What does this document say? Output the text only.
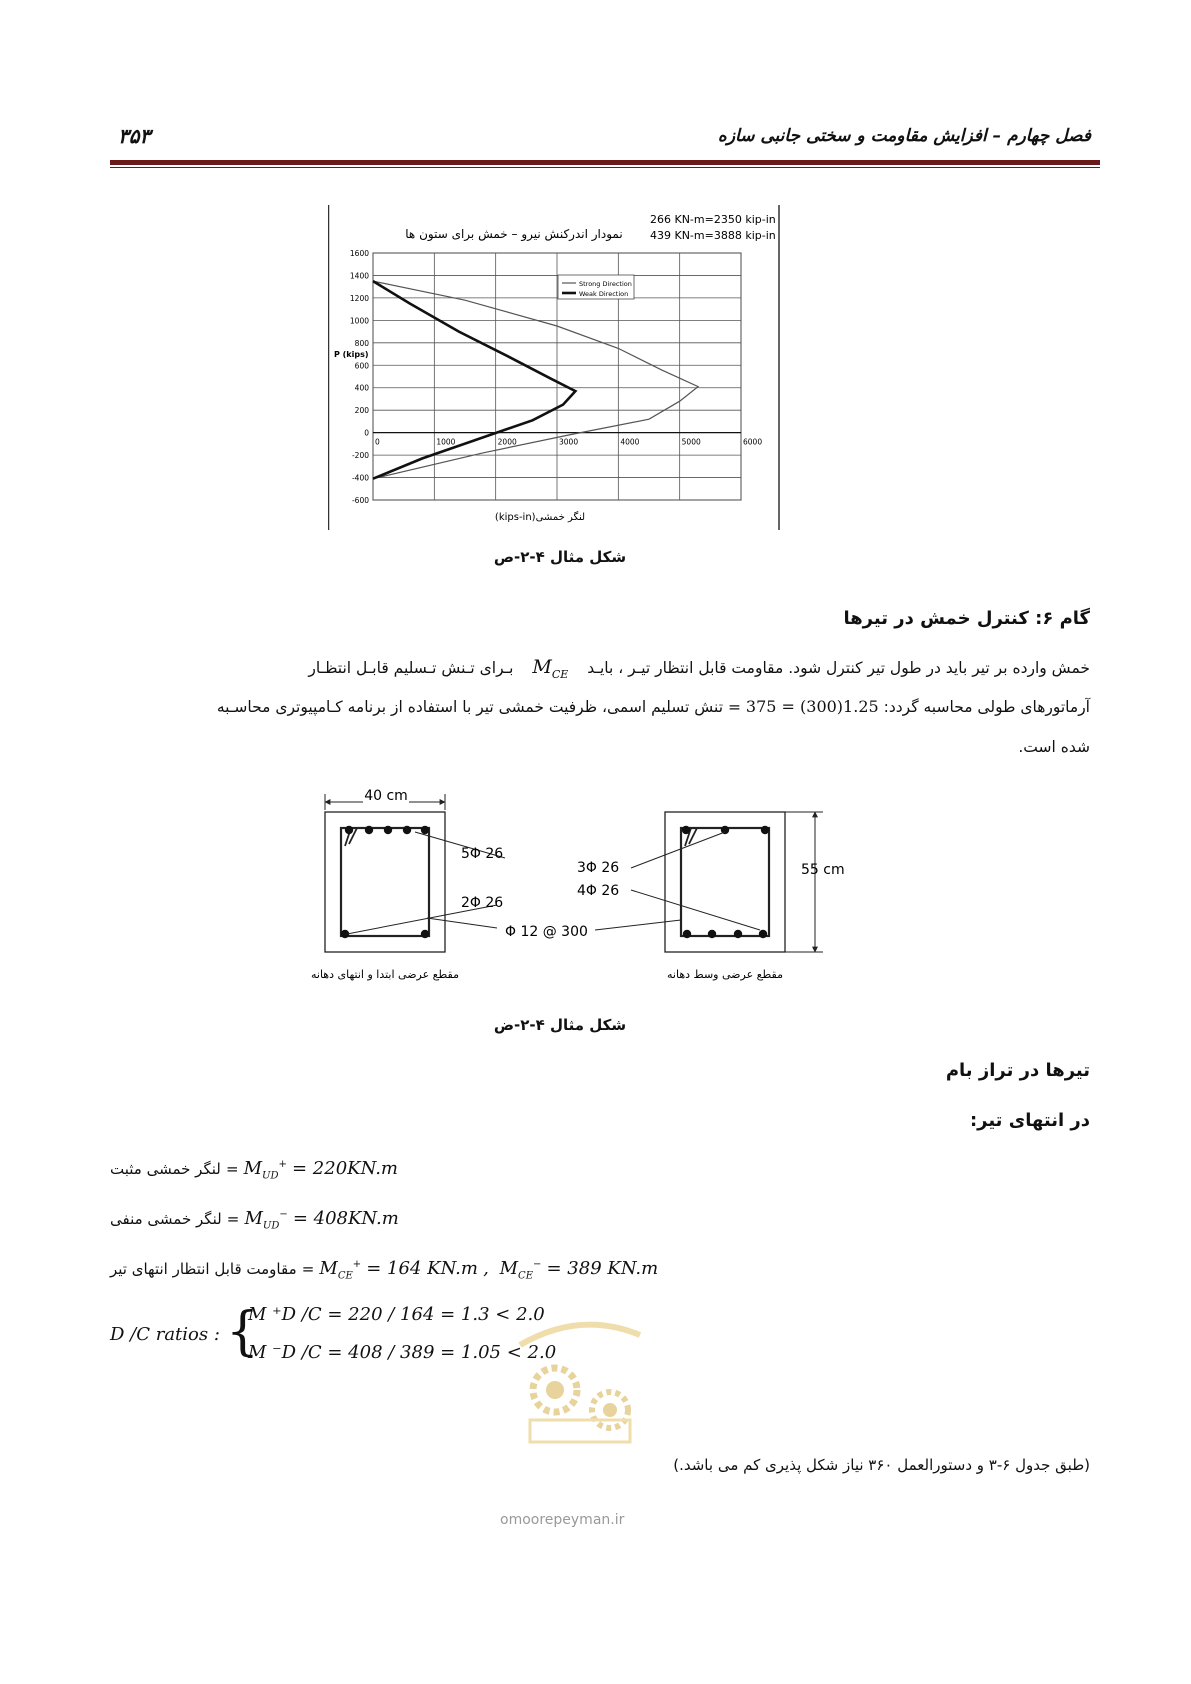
فصل چهارم – افزایش مقاومت و سختی جانبی سازه
۳۵۳
266 KN-m=2350 kip-in
439 KN-m=3888 kip-in
نمودار اندرکنش نیرو – خمش برای ستون ها
0	1000	2000	3000	4000	5000	6000
-600
-400
-200
0
200
400
600
800
1000
1200
1400
1600
Strong Direction
Weak Direction
P (kips)
لنگر خمشی(kips-in)
شکل مثال ۴-۲-ص
گام ۶: کنترل خمش در تیرها
خمش وارده بر تیر باید در طول تیر کنترل شود. مقاومت قابل انتظار تیـر ، بایـد $M_{CE}$ بـرای تـنش تـسلیم قابـل انتظـار
آرماتورهای طولی محاسبه گردد: 375 = (300)1.25 = تنش تسلیم اسمی، ظرفیت خمشی تیر با استفاده از برنامه کـامپیوتری محاسـبه
شده است.
40 cm
5Φ 26
2Φ 26
Φ 12 @ 300
3Φ 26
4Φ 26
55 cm
مقطع عرضی ابتدا و انتهای دهانه	مقطع عرضی وسط دهانه
شکل مثال ۴-۲-ض
تیرها در تراز بام
در انتهای تیر:
لنگر خمشی مثبت = $M_{UD}^+ = 220KN.m$
لنگر خمشی منفی = $M_{UD}^- = 408KN.m$
مقاومت قابل انتظار انتهای تیر = $M_{CE}^+ = 164$ KN.m ,  $M_{CE}^- = 389$ KN.m
D /C ratios : {
M ⁺D /C = 220 / 164 = 1.3 < 2.0
M ⁻D /C = 408 / 389 = 1.05 < 2.0
(طبق جدول ۶-۳ و دستورالعمل ۳۶۰ نیاز شکل پذیری کم می باشد.)
omoorepeyman.ir
